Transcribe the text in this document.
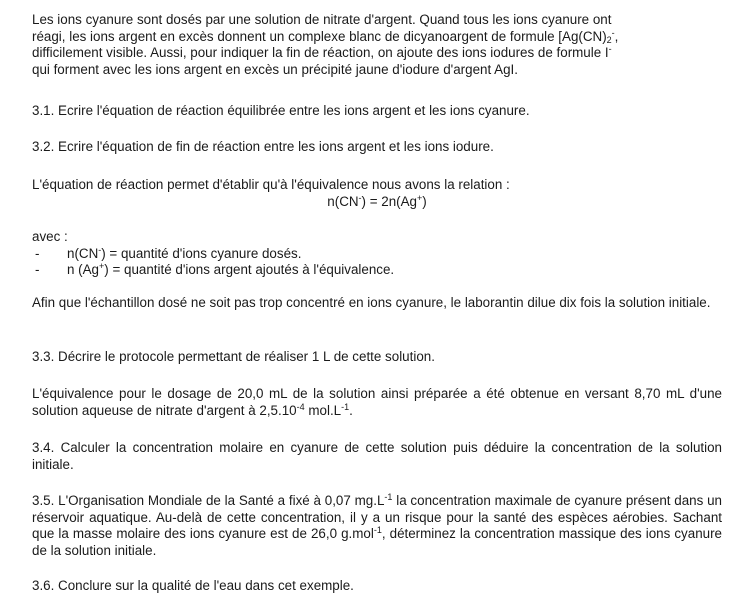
Les ions cyanure sont dosés par une solution de nitrate d'argent. Quand tous les ions cyanure ont
réagi, les ions argent en excès donnent un complexe blanc de dicyanoargent de formule [$Ag(CN)_2^-$,
difficilement visible. Aussi, pour indiquer la fin de réaction, on ajoute des ions iodures de formule I-
qui forment avec les ions argent en excès un précipité jaune d'iodure d'argent AgI.

3.1. Ecrire l'équation de réaction équilibrée entre les ions argent et les ions cyanure.

3.2. Ecrire l'équation de fin de réaction entre les ions argent et les ions iodure.

L'équation de réaction permet d'établir qu'à l'équivalence nous avons la relation :
n(CN-) = 2n(Ag+)
avec :
-	n(CN-) = quantité d'ions cyanure dosés.
-	n (Ag+) = quantité d'ions argent ajoutés à l'équivalence.

Afin que l'échantillon dosé ne soit pas trop concentré en ions cyanure, le laborantin dilue dix fois la solution initiale.

3.3. Décrire le protocole permettant de réaliser 1 L de cette solution.

L'équivalence pour le dosage de 20,0 mL de la solution ainsi préparée a été obtenue en versant 8,70 mL d'une solution aqueuse de nitrate d'argent à $2,5.10^{-4}$ $mol.L^{-1}$.

3.4. Calculer la concentration molaire en cyanure de cette solution puis déduire la concentration de la solution initiale.

3.5. L'Organisation Mondiale de la Santé a fixé à 0,07 $mg.L^{-1}$ la concentration maximale de cyanure présent dans un réservoir aquatique. Au-delà de cette concentration, il y a un risque pour la santé des espèces aérobies. Sachant que la masse molaire des ions cyanure est de 26,0 g.mol$^{-1}$, déterminez la concentration massique des ions cyanure de la solution initiale.

3.6. Conclure sur la qualité de l'eau dans cet exemple.
